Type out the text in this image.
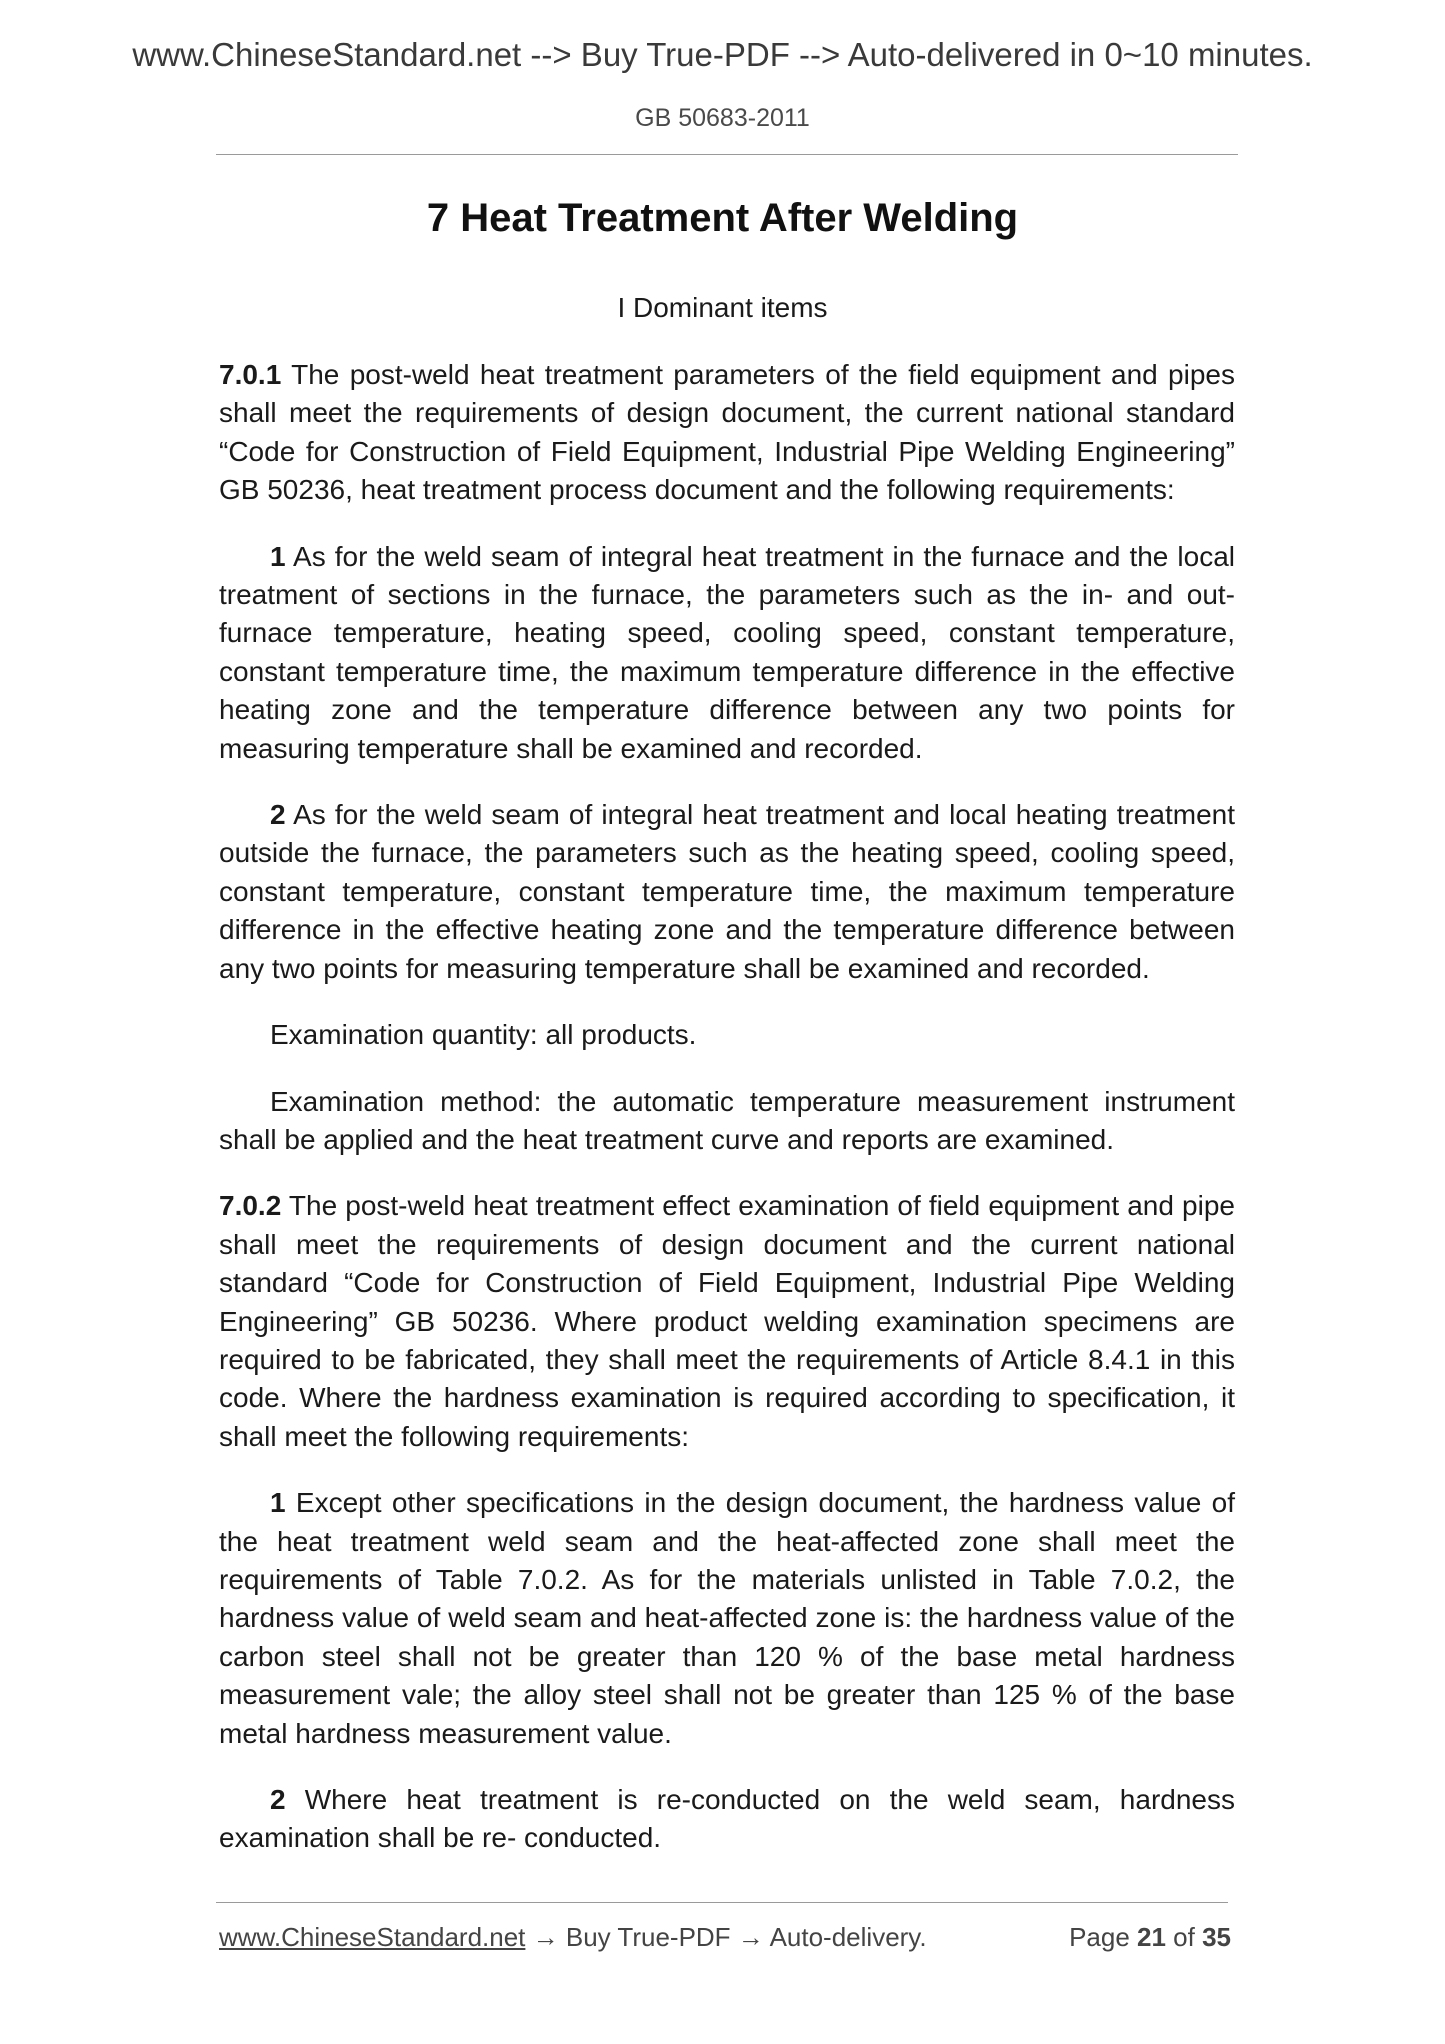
www.ChineseStandard.net --> Buy True-PDF --> Auto-delivered in 0~10 minutes.
GB 50683-2011
7 Heat Treatment After Welding
I Dominant items

7.0.1 The post-weld heat treatment parameters of the field equipment and pipes shall meet the requirements of design document, the current national standard “Code for Construction of Field Equipment, Industrial Pipe Welding Engineering” GB 50236, heat treatment process document and the following requirements:

1 As for the weld seam of integral heat treatment in the furnace and the local treatment of sections in the furnace, the parameters such as the in- and out- furnace temperature, heating speed, cooling speed, constant temperature, constant temperature time, the maximum temperature difference in the effective heating zone and the temperature difference between any two points for measuring temperature shall be examined and recorded.

2 As for the weld seam of integral heat treatment and local heating treatment outside the furnace, the parameters such as the heating speed, cooling speed, constant temperature, constant temperature time, the maximum temperature difference in the effective heating zone and the temperature difference between any two points for measuring temperature shall be examined and recorded.

Examination quantity: all products.

Examination method: the automatic temperature measurement instrument shall be applied and the heat treatment curve and reports are examined.

7.0.2 The post-weld heat treatment effect examination of field equipment and pipe shall meet the requirements of design document and the current national standard “Code for Construction of Field Equipment, Industrial Pipe Welding Engineering” GB 50236. Where product welding examination specimens are required to be fabricated, they shall meet the requirements of Article 8.4.1 in this code. Where the hardness examination is required according to specification, it shall meet the following requirements:

1 Except other specifications in the design document, the hardness value of the heat treatment weld seam and the heat-affected zone shall meet the requirements of Table 7.0.2. As for the materials unlisted in Table 7.0.2, the hardness value of weld seam and heat-affected zone is: the hardness value of the carbon steel shall not be greater than 120 % of the base metal hardness measurement vale; the alloy steel shall not be greater than 125 % of the base metal hardness measurement value.

2 Where heat treatment is re-conducted on the weld seam, hardness examination shall be re- conducted.

www.ChineseStandard.net → Buy True-PDF → Auto-delivery.	Page 21 of 35
